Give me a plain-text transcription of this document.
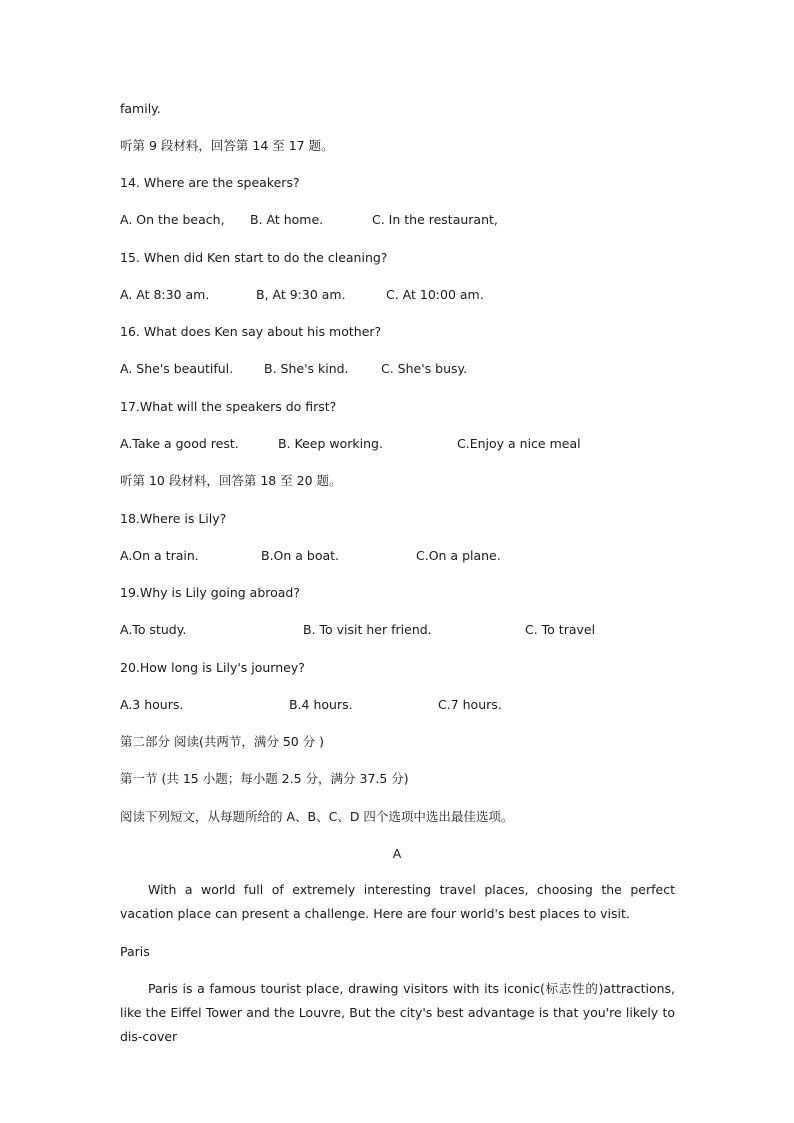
family.
听第 9 段材料，回答第 14 至 17 题。
14. Where are the speakers?
A. On the beach, B. At home.	C. In the restaurant,
15. When did Ken start to do the cleaning?
A. At 8:30 am.	B, At 9:30 am.	C. At 10:00 am.
16. What does Ken say about his mother?
A. She's beautiful. B. She's kind.	C. She's busy.
17.What will the speakers do first?
A.Take a good rest.	B. Keep working.	C.Enjoy a nice meal
听第 10 段材料，回答第 18 至 20 题。
18.Where is Lily?
A.On a train.	B.On a boat.	C.On a plane.
19.Why is Lily going abroad?
A.To study.	B. To visit her friend.	C. To travel
20.How long is Lily's journey?
A.3 hours.	B.4 hours.	C.7 hours.
第二部分 阅读(共两节，满分 50 分 )
第一节 (共 15 小题；每小题 2.5 分，满分 37.5 分)
阅读下列短文，从每题所给的 A、B、C、D 四个选项中选出最佳选项。
A
With a world full of extremely interesting travel places, choosing the perfect vacation place can present a challenge. Here are four world's best places to visit.
Paris
Paris is a famous tourist place, drawing visitors with its iconic(标志性的)attractions, like the Eiffel Tower and the Louvre, But the city's best advantage is that you're likely to dis-cover
